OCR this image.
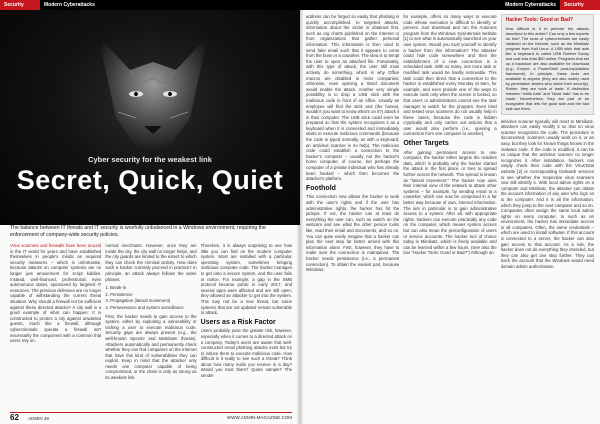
Security	Modern Cyberattacks
Cyber security for the weakest link
Secret, Quick, Quiet
The balance between IT threats and IT security is woefully unbalanced in a Windows environment, requiring the enforcement of company-wide security policies.

Virus scanners and firewalls have been around in the IT world for years and have established themselves in people's minds as required security measures – which is unfortunate, because attacks on computer systems are no longer just amusement for script kiddies. Instead, well-financed, professional, even autonomous states, sponsored by targeted IT resources. The previous defenses are no longer capable of withstanding the current threat situation. Why should a firewall not be sufficient against these directed attacks? A city wall is a good example of what can happen: It is constructed to protect a city against unwanted guests, much like a firewall, although cybercriminals operate a firewall isn't necessarily the component with a common that users rely on.

normal merchants. However, once they are inside the city, the city wall no longer helps, and the city guards are limited to the extent to which they can check the criminal activity. How does such a hacker currently proceed in practice? In principle, an attack always follows the same phases:

1. Break-in
2. Persistence
3. Propagation (lateral movement)
4. Perseverance and system surveillance

First, the hacker needs to gain access to the system, either by exploiting a vulnerability or tricking a user to execute malicious code. Security gaps are always present (e.g., the well-known Spectre and Meltdown threats). Attackers automatically and permanently check whether they can find computers on the Internet that have this kind of vulnerabilities they can exploit. Keep in mind that the attacker only needs one computer capable of being compromised, or the chain is only as strong as its weakest link.

Therefore, it is always surprising to see how little you can find on the modern computer system. Most are installed with a particular operating system, sometimes bringing malicious computer code. The hacker manages to get onto a secure system, and the user fails to notice. For example, a gap in the SMB protocol became public in early 2017, and several apps were affected and are still open; they allowed an attacker to get into the system. This may not be a new threat, but some systems that are not updated remain vulnerable to attack.

Users as a Risk Factor

Users probably pose the greater risk, however, especially when it comes to a directed attack on a company. Today's users are aware that well-constructed email phishing attacks exist but try to induce them to execute malicious code. How difficult is it really to see such a threat? Think about how many mails you receive in a day? Would you trust them? Quote sample? The sender

62 ADMIN 49	WWW.ADMIN-MAGAZINE.COM
Modern Cyberattacks	Security

address can be forged so easily that phishing is quickly accomplished. In targeted attacks, information about the victim is obtained first, such as org charts published on the Internet or from organizations that gather personal information. This information is then used to send fake email such that it appears to come from the boss or a coworker. The idea is to tempt the user to open an attached file. Fortunately, with this type of attack, the user still must actively do something, which is why Office macros are disabled in most companies; otherwise, even opening a Word document would enable the attack. Another very simple possibility is to drop a USB stick with the malicious code in front of an office. Usually an employee will find the stick and (the honest, wouldn't you want to know what's on it?) attack it in their computer. The USB stick could even be prepared so that the system recognizes it as a keyboard when it is connected and immediately starts to execute malicious commands (because the code is typed normally, as with a keyboard, an antivirus scanner is no help). The malicious code could establish a connection to the hacker's computer – usually not the hacker's home computer, of course, but perhaps the computer of a private individual who has already been hacked – which then becomes the attacker's platform.

Foothold

This connection now allows the hacker to work with the user's rights and if the user has administrative rights, the hacker has hit the jackpot. If not, the hacker can at least do everything the user can, such as switch on the webcam and see what the other person looks like, read their email and documents, and so on. You can quite easily imagine that a hacker can plan the next step far better armed with this information alone. First, however, they have to make sure the connection is maintained. The hacker needs persistence (i.e., a permanent connection). To obtain the easiest part, because Windows,

for example, offers so many ways to execute code whose execution is difficult to identify or prevent. Just download and run the Autoruns program from the Windows Sysinternals website [1] to see what is automatically launched on your own system. Would you trust yourself to identify a hacker from this information? The attacker could hide code somewhere and then the establishment of a new connection is a scheduled task. With so many, one more task or modified task would be hardly noticeable. This task could then direct that a connection to the hacker is established every Monday at 9am, for example, and even provide one of the ways to execute code only when the screen is locked, so that users or administrators cannot see the task manager to watch for the program. Even tried and tested virus scanners do not usually help in these cases, because the code is hidden cryptically and only carries out actions that a user would also perform (i.e., opening a connection from one computer to another).

Other Targets

After gaining permanent access to one computer, the hacker either targets the resident data, which is probably why the hacker started the attack in the first place, or tries to spread further across the network. This spread is known as "lateral movement." The hacker now uses their internal view of the network to attack other systems – for example, by sending email to a coworker, which can now be composed in a far better way because of own, internal information. The aim in particular is to gain administrative access to a system. After all, with appropriate rights, hackers can execute practically any code on the computer, which means system access but can also mean the preconfiguration of users or service accounts. The hacker tool of choice today is Mimikatz, which is freely available and can be learned within a few hours. (See also the box "Hacker Tools: Good or Bad?") Although an

Hacker Tools: Good or Bad?
How difficult is it to perform the attacks described in this article? Can only a few experts do this? The tools of cybercriminals are easily obtained on the Internet, such as the Mimikatz program from Kali Linux. A USB stick that acts like a keyboard is called USB Rubber Ducky and cost less than $50 online. Programs that set up a backdoor are also available for download (e.g., Empire, a PowerShell post-exploitation framework). In principle, these tools are available to anyone (they are also widely used by penetration testers who check their security). Rather, they are tools of trade. A distinction between "white hats" and "black hats" has to be made. Nevertheless, they are part of an ecosystem that lets the good side and the bad side use them.

antivirus scanner typically will react to Mimikatz, attackers can easily modify it so that no virus scanner recognizes the code. The procedure is documented; scanners usually work on it, or an easy, but they look for known things known in the malware code. If the code is modified, it can be so unique that the antivirus scanner no longer recognizes it. After installation, hackers can simply check their code with the VirusTotal website [2] or corresponding Darkweb services to see whether the respective virus scanners now still identify it. With local admin rights on a computer and Mimikatz, the attacker can obtain the account information of any user who logs on to the computer. And it is all the information, which they jump to the next computer and so on. Companies often assign the same local admin rights on every computer, to such as an environment, the hacker has immediate access to all computers. Often, the same credentials – which are used to install software. If this account is connected to a server, the hacker can also gain access to that account. As a rule, the hacker does not do everything they intended, but they can also get one step further. They can track the account that the Windows would need domain admin authorization.
